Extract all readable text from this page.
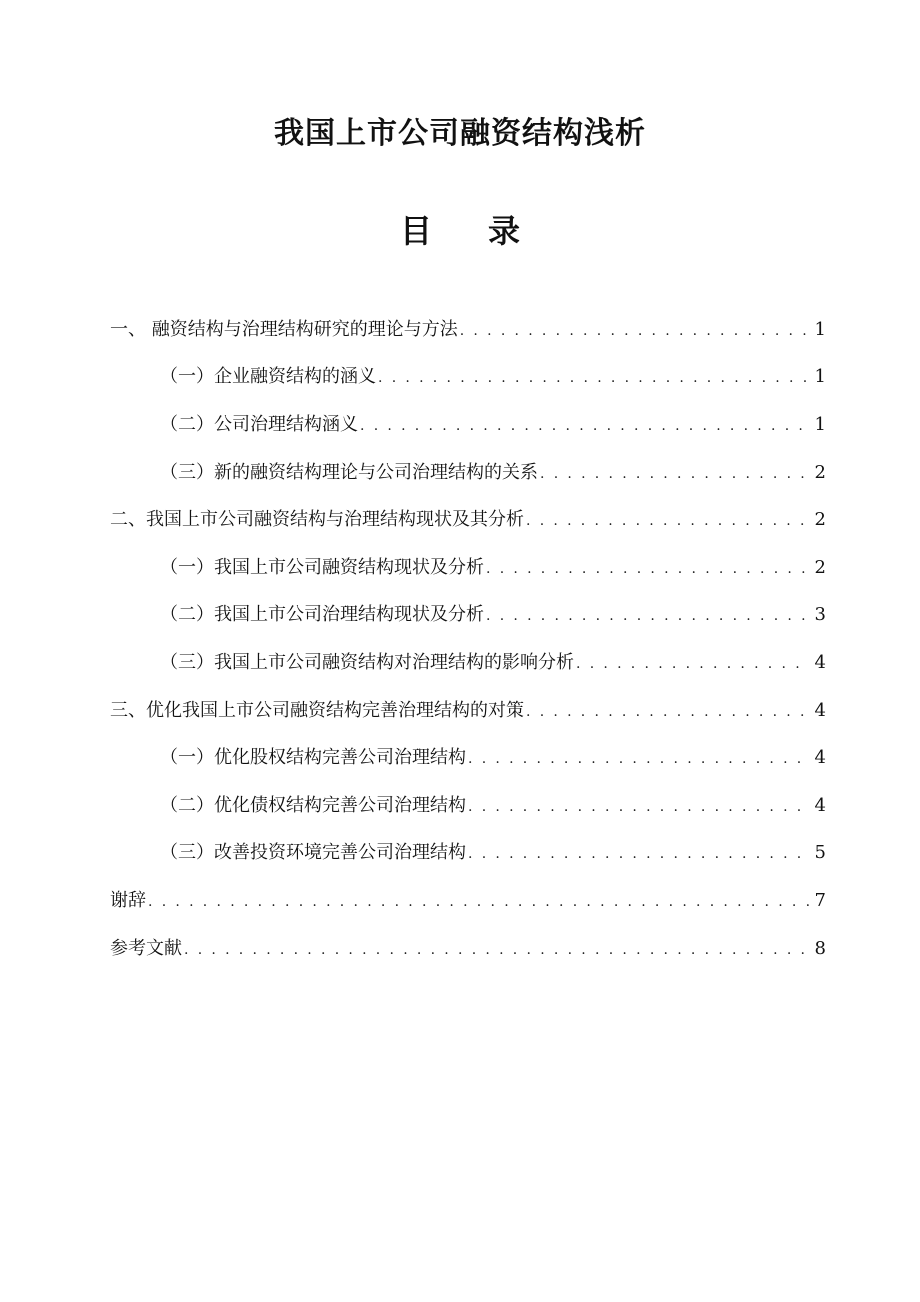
我国上市公司融资结构浅析
目 录
一、 融资结构与治理结构研究的理论与方法 . . .	1
（一）企业融资结构的涵义 . . .	1
（二）公司治理结构涵义 . . .	1
（三）新的融资结构理论与公司治理结构的关系 . . .	2
二、我国上市公司融资结构与治理结构现状及其分析 . . .	2
（一）我国上市公司融资结构现状及分析 . . .	2
（二）我国上市公司治理结构现状及分析 . . .	3
（三）我国上市公司融资结构对治理结构的影响分析 . . .	4
三、优化我国上市公司融资结构完善治理结构的对策 . . .	4
（一）优化股权结构完善公司治理结构 . . .	4
（二）优化债权结构完善公司治理结构 . . .	4
（三）改善投资环境完善公司治理结构 . . .	5
谢辞 . . .	7
参考文献 . . .	8
